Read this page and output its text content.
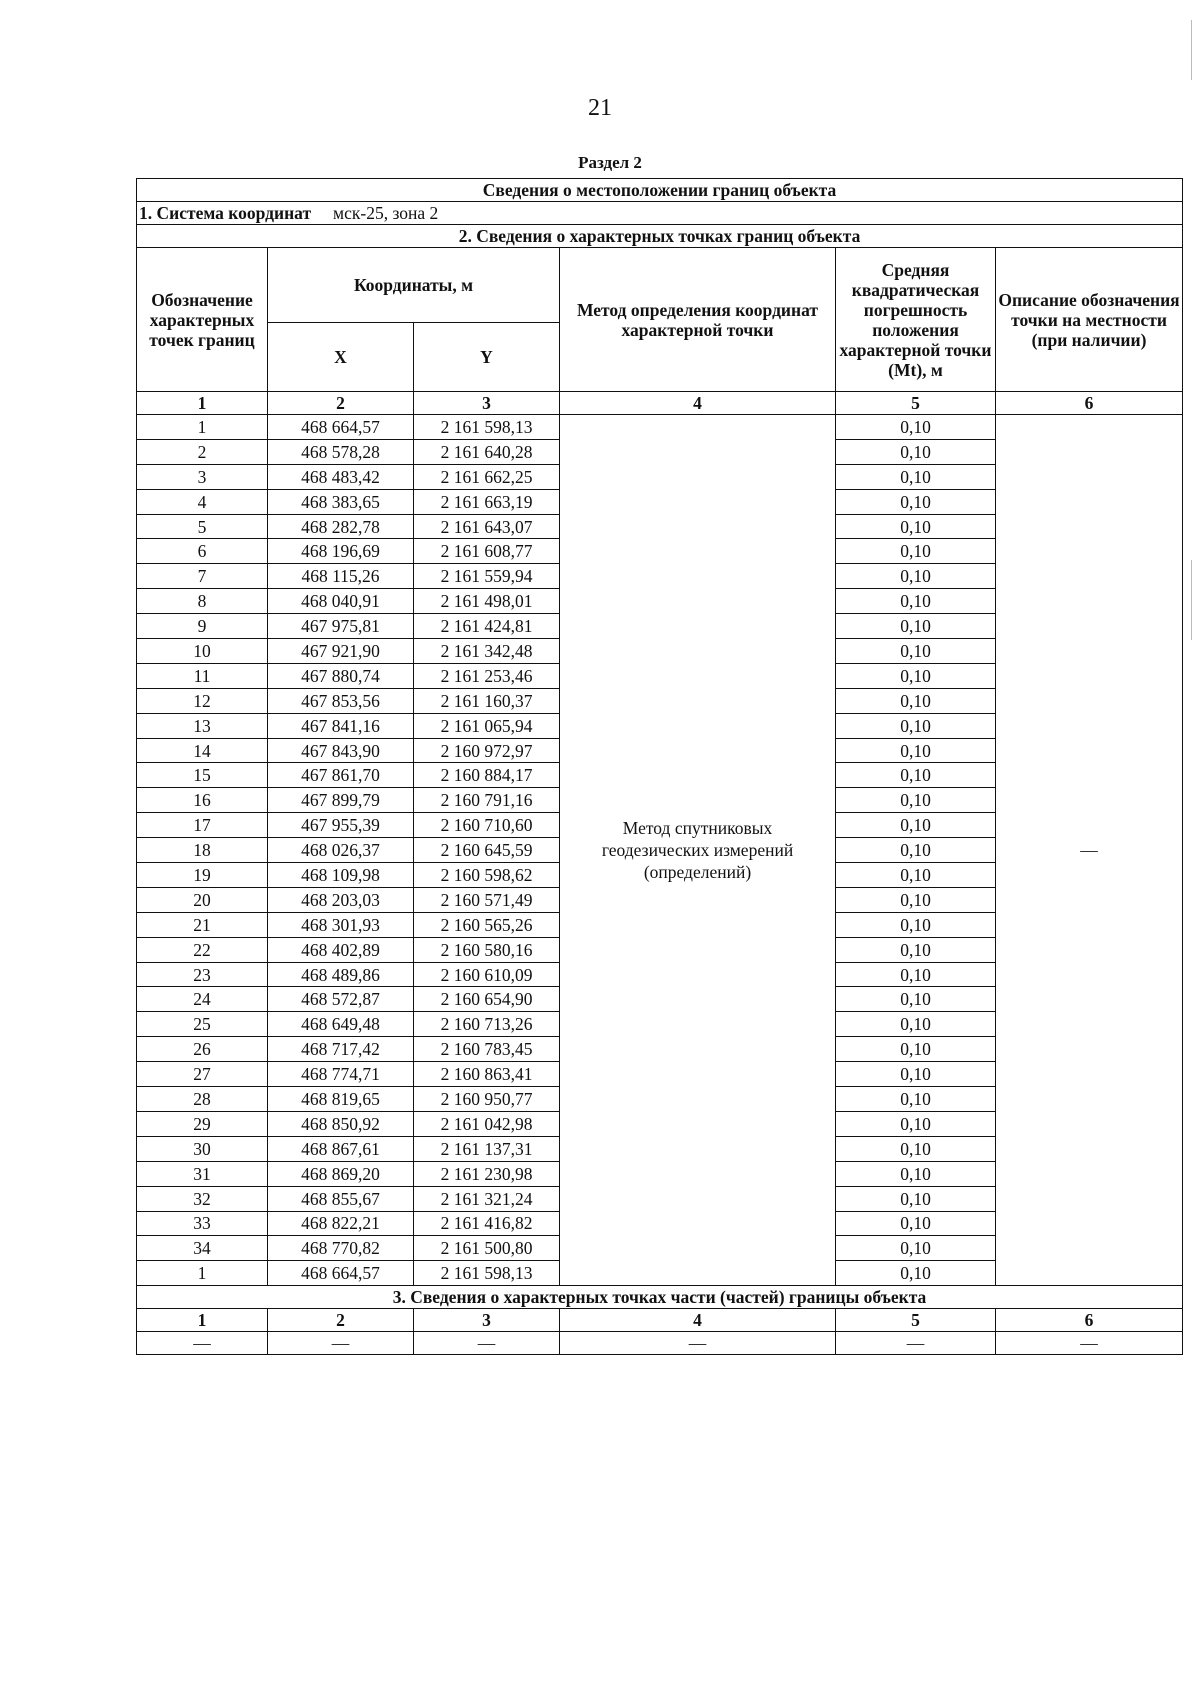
21
Раздел 2
Сведения о местоположении границ объекта					
1. Система координат мск-25, зона 2					
2. Сведения о характерных точках границ объекта					
Обозначение характерных точек границ	Координаты, м		Метод определения координат характерной точки	Средняя квадратическая погрешность положения характерной точки (Mt), м	Описание обозначения точки на местности (при наличии)
	X	Y			
1	2	3	4	5	6
1	468 664,57	2 161 598,13	Метод спутниковых геодезических измерений (определений)	0,10	—
2	468 578,28	2 161 640,28		0,10	
3	468 483,42	2 161 662,25		0,10	
4	468 383,65	2 161 663,19		0,10	
5	468 282,78	2 161 643,07		0,10	
6	468 196,69	2 161 608,77		0,10	
7	468 115,26	2 161 559,94		0,10	
8	468 040,91	2 161 498,01		0,10	
9	467 975,81	2 161 424,81		0,10	
10	467 921,90	2 161 342,48		0,10	
11	467 880,74	2 161 253,46		0,10	
12	467 853,56	2 161 160,37		0,10	
13	467 841,16	2 161 065,94		0,10	
14	467 843,90	2 160 972,97		0,10	
15	467 861,70	2 160 884,17		0,10	
16	467 899,79	2 160 791,16		0,10	
17	467 955,39	2 160 710,60		0,10	
18	468 026,37	2 160 645,59		0,10	
19	468 109,98	2 160 598,62		0,10	
20	468 203,03	2 160 571,49		0,10	
21	468 301,93	2 160 565,26		0,10	
22	468 402,89	2 160 580,16		0,10	
23	468 489,86	2 160 610,09		0,10	
24	468 572,87	2 160 654,90		0,10	
25	468 649,48	2 160 713,26		0,10	
26	468 717,42	2 160 783,45		0,10	
27	468 774,71	2 160 863,41		0,10	
28	468 819,65	2 160 950,77		0,10	
29	468 850,92	2 161 042,98		0,10	
30	468 867,61	2 161 137,31		0,10	
31	468 869,20	2 161 230,98		0,10	
32	468 855,67	2 161 321,24		0,10	
33	468 822,21	2 161 416,82		0,10	
34	468 770,82	2 161 500,80		0,10	
1	468 664,57	2 161 598,13		0,10	
3. Сведения о характерных точках части (частей) границы объекта					
1	2	3	4	5	6
—	—	—	—	—	—
